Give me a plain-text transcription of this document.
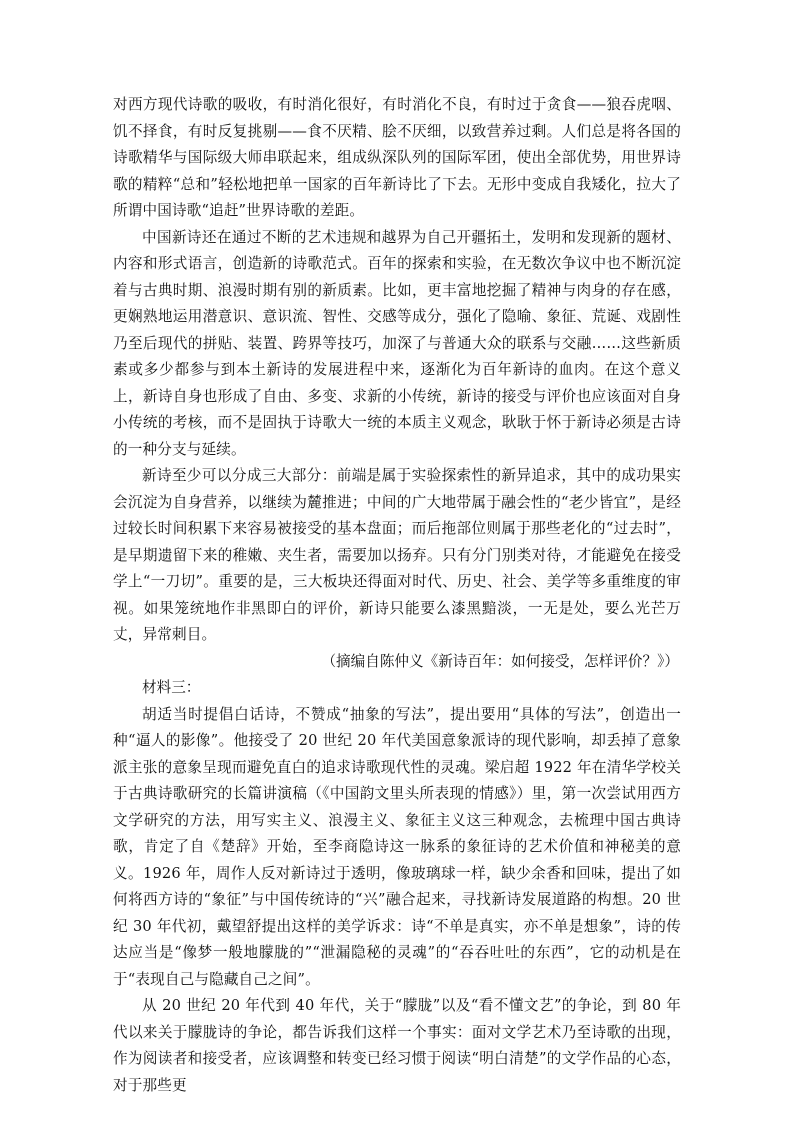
对西方现代诗歌的吸收，有时消化很好，有时消化不良，有时过于贪食——狼吞虎咽、饥不择食，有时反复挑剔——食不厌精、脍不厌细，以致营养过剩。人们总是将各国的诗歌精华与国际级大师串联起来，组成纵深队列的国际军团，使出全部优势，用世界诗歌的精粹“总和”轻松地把单一国家的百年新诗比了下去。无形中变成自我矮化，拉大了所谓中国诗歌“追赶”世界诗歌的差距。

中国新诗还在通过不断的艺术违规和越界为自己开疆拓土，发明和发现新的题材、内容和形式语言，创造新的诗歌范式。百年的探索和实验，在无数次争议中也不断沉淀着与古典时期、浪漫时期有别的新质素。比如，更丰富地挖掘了精神与肉身的存在感，更娴熟地运用潜意识、意识流、智性、交感等成分，强化了隐喻、象征、荒诞、戏剧性乃至后现代的拼贴、装置、跨界等技巧，加深了与普通大众的联系与交融……这些新质素或多少都参与到本土新诗的发展进程中来，逐渐化为百年新诗的血肉。在这个意义上，新诗自身也形成了自由、多变、求新的小传统，新诗的接受与评价也应该面对自身小传统的考核，而不是固执于诗歌大一统的本质主义观念，耿耿于怀于新诗必须是古诗的一种分支与延续。

新诗至少可以分成三大部分：前端是属于实验探索性的新异追求，其中的成功果实会沉淀为自身营养，以继续为麓推进；中间的广大地带属于融会性的“老少皆宜”，是经过较长时间积累下来容易被接受的基本盘面；而后拖部位则属于那些老化的“过去时”，是早期遗留下来的稚嫩、夹生者，需要加以扬弃。只有分门别类对待，才能避免在接受学上“一刀切”。重要的是，三大板块还得面对时代、历史、社会、美学等多重维度的审视。如果笼统地作非黑即白的评价，新诗只能要么漆黑黯淡，一无是处，要么光芒万丈，异常刺目。

（摘编自陈仲义《新诗百年：如何接受，怎样评价？》）

材料三：

胡适当时提倡白话诗，不赞成“抽象的写法”，提出要用“具体的写法”，创造出一种“逼人的影像”。他接受了 20 世纪 20 年代美国意象派诗的现代影响，却丢掉了意象派主张的意象呈现而避免直白的追求诗歌现代性的灵魂。梁启超 1922 年在清华学校关于古典诗歌研究的长篇讲演稿（《中国韵文里头所表现的情感》）里，第一次尝试用西方文学研究的方法，用写实主义、浪漫主义、象征主义这三种观念，去梳理中国古典诗歌，肯定了自《楚辞》开始，至李商隐诗这一脉系的象征诗的艺术价值和神秘美的意义。1926 年，周作人反对新诗过于透明，像玻璃球一样，缺少余香和回味，提出了如何将西方诗的“象征”与中国传统诗的“兴”融合起来，寻找新诗发展道路的构想。20 世纪 30 年代初，戴望舒提出这样的美学诉求：诗“不单是真实，亦不单是想象”，诗的传达应当是“像梦一般地朦胧的”“泄漏隐秘的灵魂”的“吞吞吐吐的东西”，它的动机是在于“表现自己与隐藏自己之间”。

从 20 世纪 20 年代到 40 年代，关于“朦胧”以及“看不懂文艺”的争论，到 80 年代以来关于朦胧诗的争论，都告诉我们这样一个事实：面对文学艺术乃至诗歌的出现，作为阅读者和接受者，应该调整和转变已经习惯于阅读“明白清楚”的文学作品的心态，对于那些更
